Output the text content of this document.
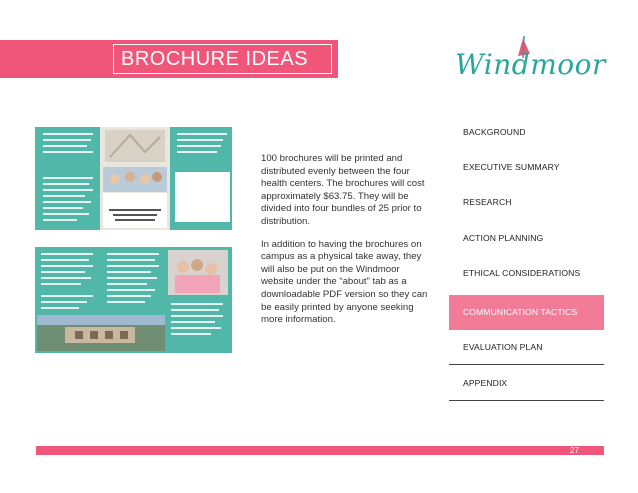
BROCHURE IDEAS	Windmoor

100 brochures will be printed and distributed evenly between the four health centers. The brochures will cost approximately $63.75. They will be divided into four bundles of 25 prior to distribution.

In addition to having the brochures on campus as a physical take away, they will also be put on the Windmoor website under the “about” tab as a downloadable PDF version so they can be easily printed by anyone seeking more information.

BACKGROUND
EXECUTIVE SUMMARY
RESEARCH
ACTION PLANNING
ETHICAL CONSIDERATIONS
COMMUNICATION TACTICS
EVALUATION PLAN
APPENDIX
27
